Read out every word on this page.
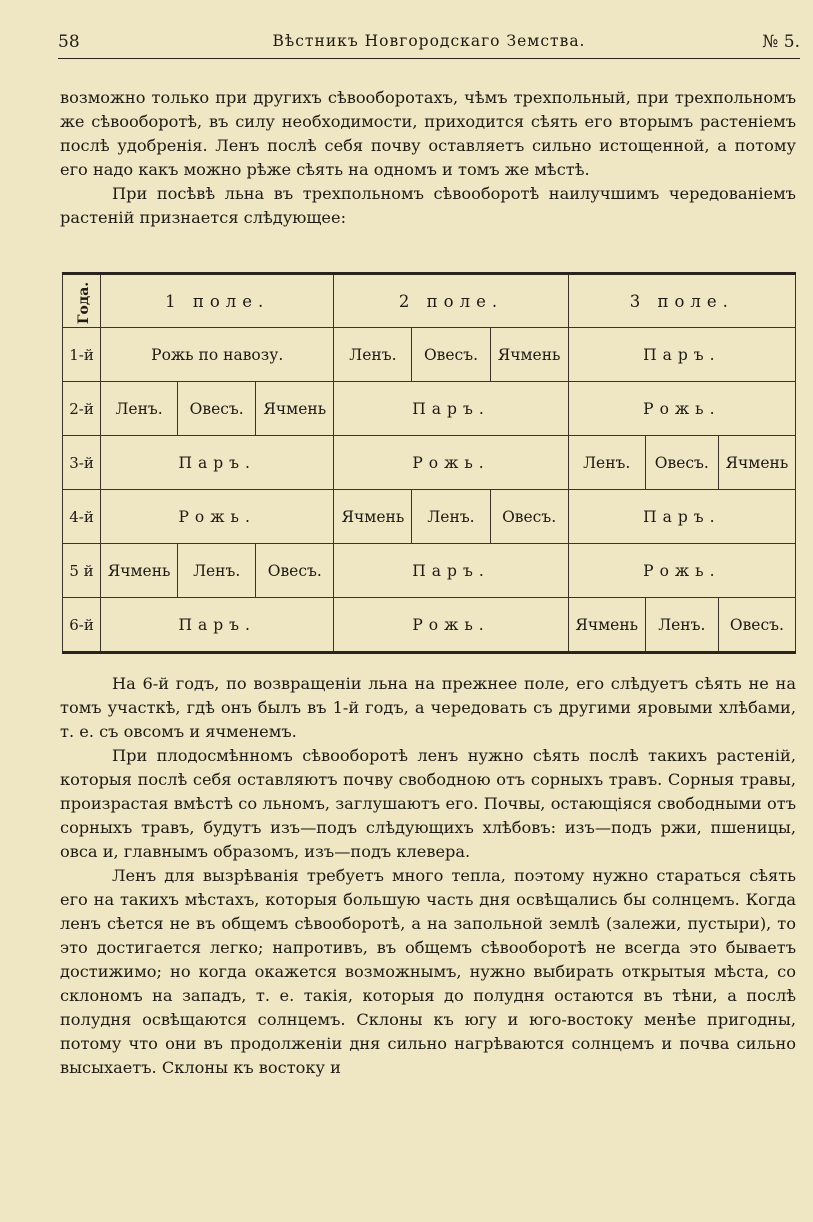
58	Вѣстникъ Новгородскаго Земства.	№ 5.

возможно только при другихъ сѣвооборотахъ, чѣмъ трехпольный, при трехпольномъ же сѣвооборотѣ, въ силу необходимости, приходится сѣять его вторымъ растеніемъ послѣ удобренія. Ленъ послѣ себя почву оставляетъ сильно истощенной, а потому его надо какъ можно рѣже сѣять на одномъ и томъ же мѣстѣ.

При посѣвѣ льна въ трехпольномъ сѣвооборотѣ наилучшимъ чередованіемъ растеній признается слѣдующее:

Года.	1 поле.			2 поле.			3 поле.		
1-й	Рожь по навозу.			Ленъ.	Овесъ.	Ячмень	Паръ.		
2-й	Ленъ.	Овесъ.	Ячмень	Паръ.			Рожь.		
3-й	Паръ.			Рожь.			Ленъ.	Овесъ.	Ячмень
4-й	Рожь.			Ячмень	Ленъ.	Овесъ.	Паръ.		
5 й	Ячмень	Ленъ.	Овесъ.	Паръ.			Рожь.		
6-й	Паръ.			Рожь.			Ячмень	Ленъ.	Овесъ.

На 6-й годъ, по возвращеніи льна на прежнее поле, его слѣдуетъ сѣять не на томъ участкѣ, гдѣ онъ былъ въ 1-й годъ, а чередовать съ другими яровыми хлѣбами, т. е. съ овсомъ и ячменемъ.

При плодосмѣнномъ сѣвооборотѣ ленъ нужно сѣять послѣ такихъ растеній, которыя послѣ себя оставляютъ почву свободною отъ сорныхъ травъ. Сорныя травы, произрастая вмѣстѣ со льномъ, заглушаютъ его. Почвы, остающіяся свободными отъ сорныхъ травъ, будутъ изъ—подъ слѣдующихъ хлѣбовъ: изъ—подъ ржи, пшеницы, овса и, главнымъ образомъ, изъ—подъ клевера.

Ленъ для вызрѣванія требуетъ много тепла, поэтому нужно стараться сѣять его на такихъ мѣстахъ, которыя большую часть дня освѣщались бы солнцемъ. Когда ленъ сѣется не въ общемъ сѣвооборотѣ, а на запольной землѣ (залежи, пустыри), то это достигается легко; напротивъ, въ общемъ сѣвооборотѣ не всегда это бываетъ достижимо; но когда окажется возможнымъ, нужно выбирать открытыя мѣста, со склономъ на западъ, т. е. такія, которыя до полудня остаются въ тѣни, а послѣ полудня освѣщаются солнцемъ. Склоны къ югу и юго-востоку менѣе пригодны, потому что они въ продолженіи дня сильно нагрѣваются солнцемъ и почва сильно высыхаетъ. Склоны къ востоку и
